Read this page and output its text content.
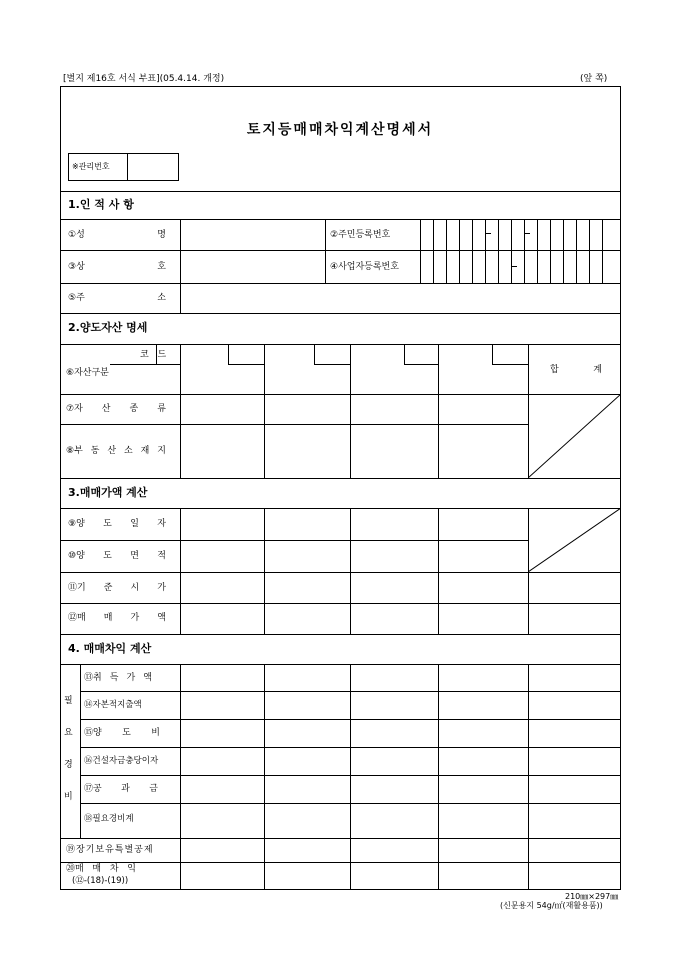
[별지 제16호 서식 부표](05.4.14. 개정)	(앞 쪽)
토지등매매차익계산명세서
※관리번호
1.인 적 사 항
①성	명	②주민등록번호
③상	호	④사업자등록번호
⑤주	소
2.양도자산 명세
⑥자산구분
코 드
합	계
⑦자 산 종 류
⑧부 동 산 소 재 지
3.매매가액 계산
⑨양 도 일 자
⑩양 도 면 적
⑪기 준 시 가
⑫매 매 가 액
4. 매매차익 계산
필
요
경
비
⑬취 득 가 액
⑭자본적지출액
⑮양 도 비
⑯건설자금충당이자
⑰공 과 금
⑱필요경비계
⑲장기보유특별공제
⑳매 매 차 익
(⑫-(18)-(19))
210㎜×297㎜
(신문용지 54g/㎡(재활용품))
